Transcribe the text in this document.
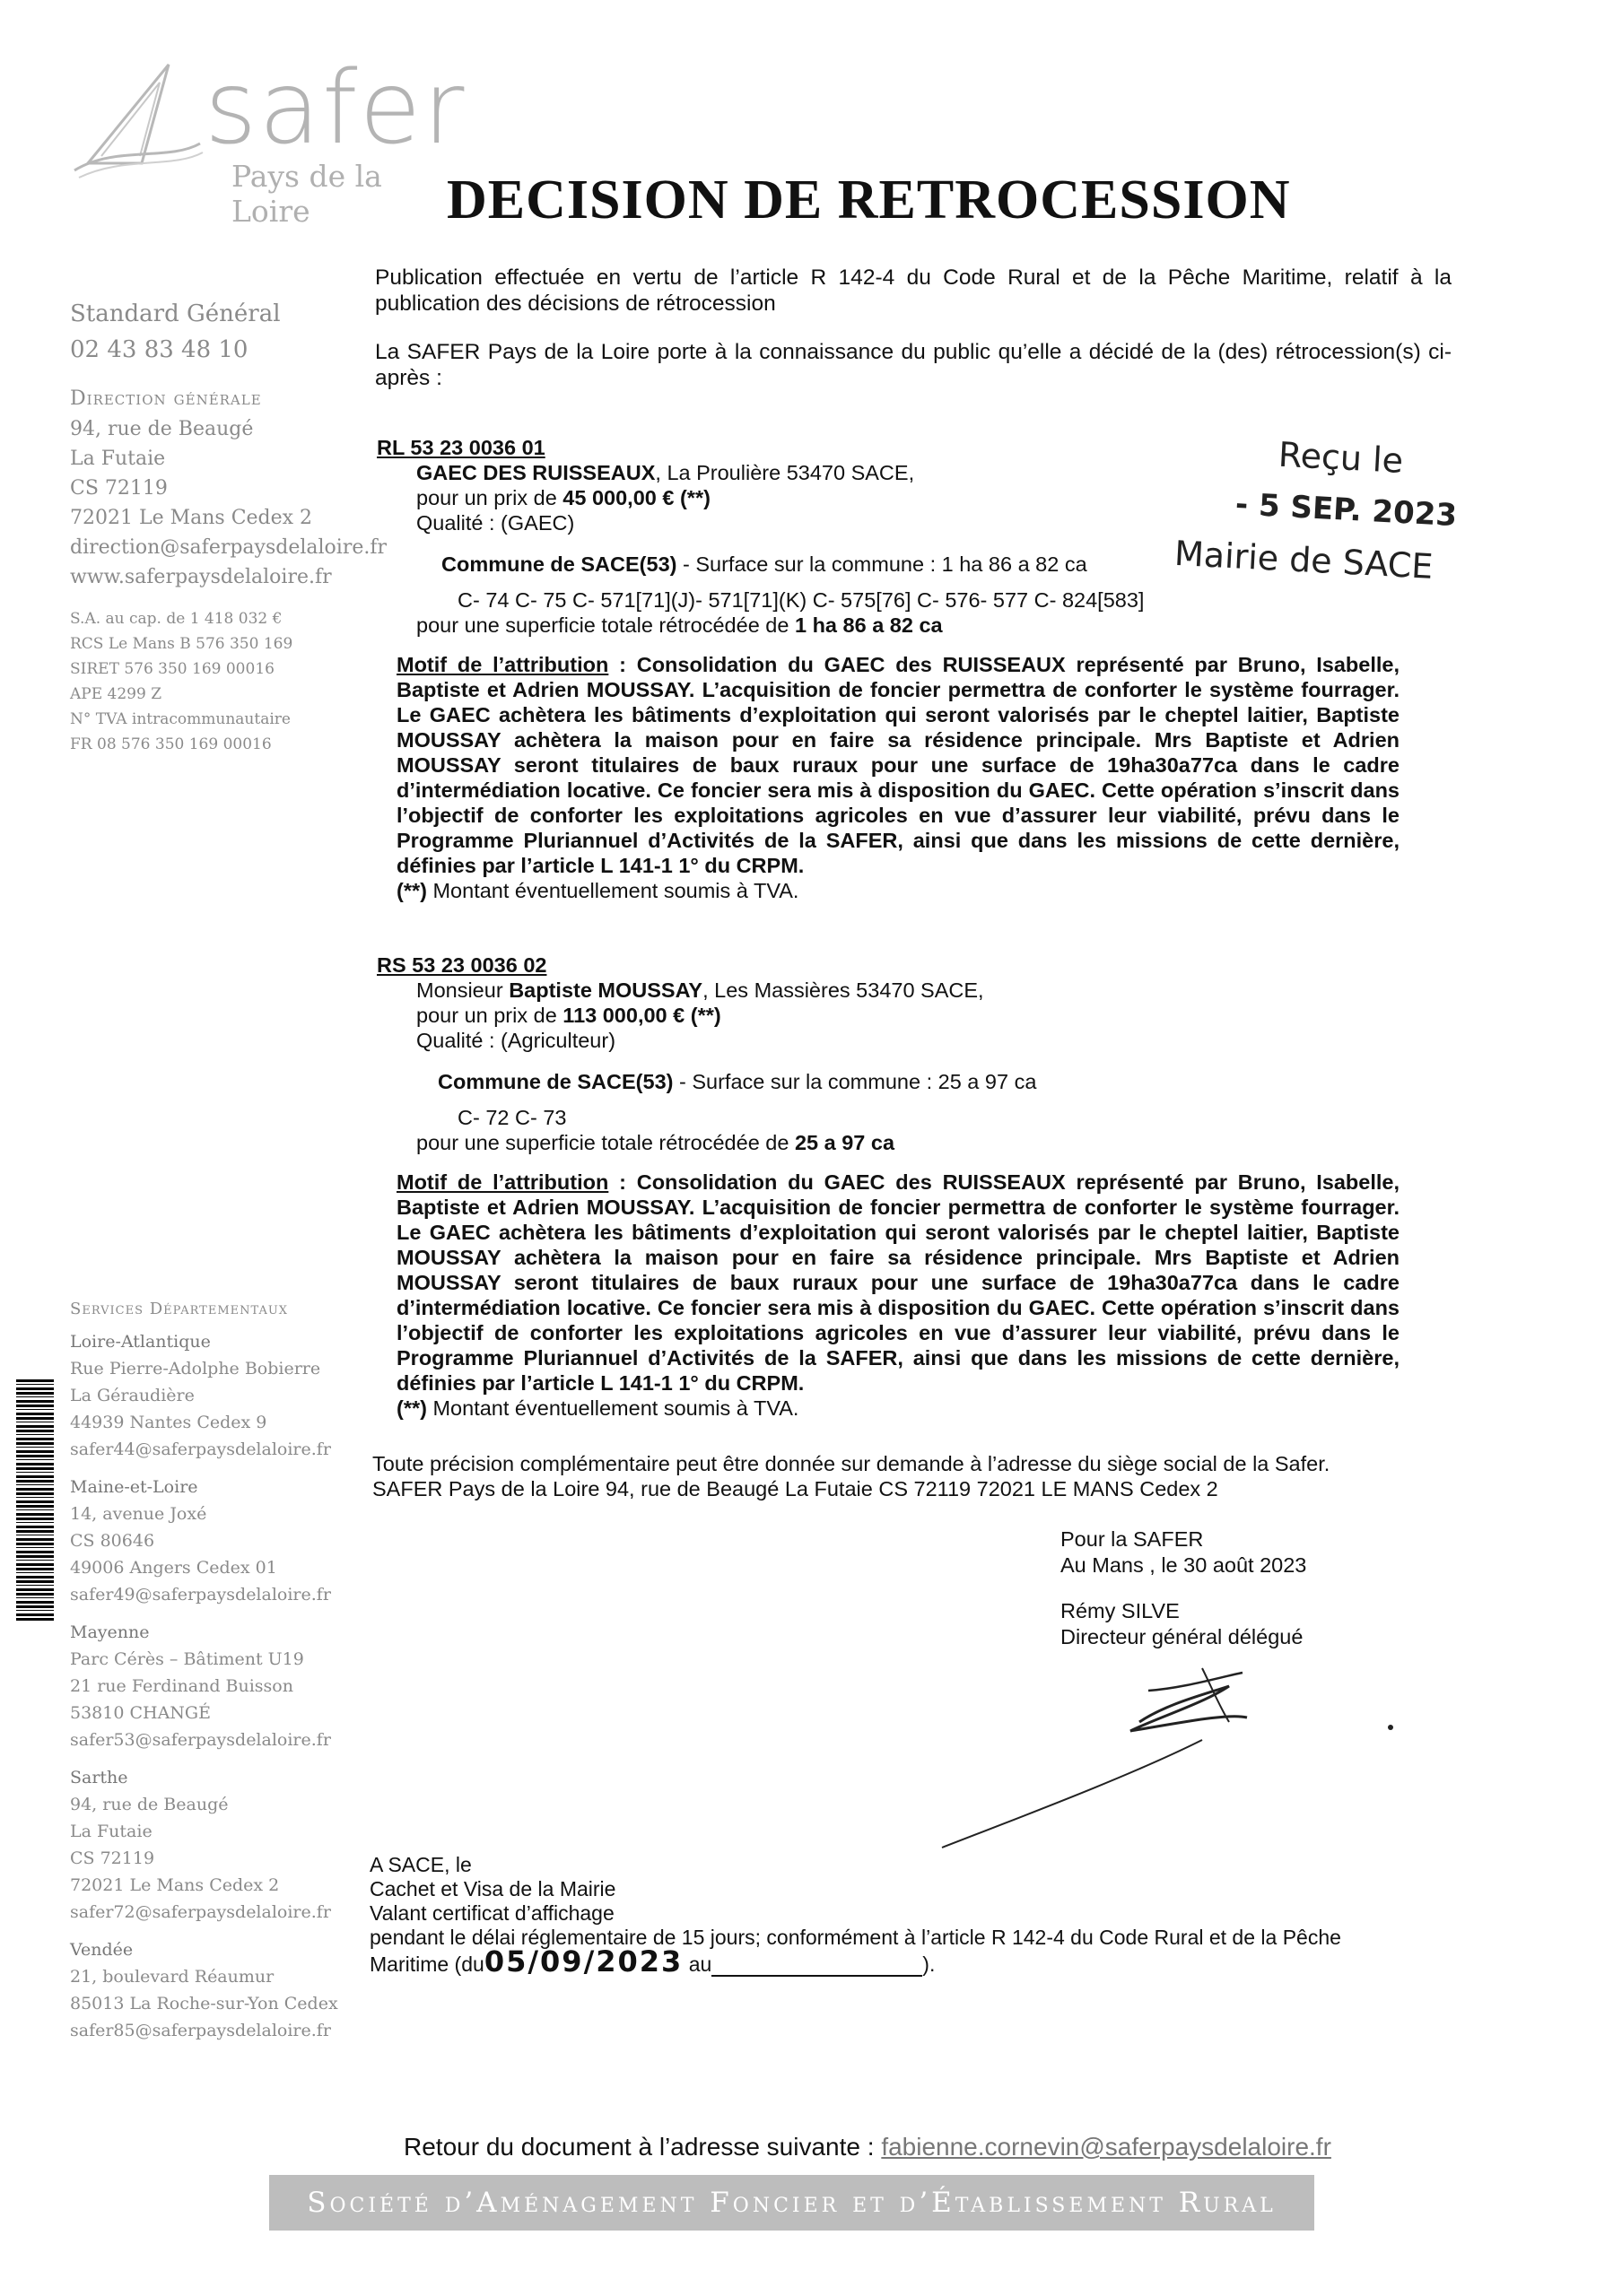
safer
Pays de la Loire	DECISION DE RETROCESSION
Standard Général
02 43 83 48 10
Direction générale
94, rue de Beaugé
La Futaie
CS 72119
72021 Le Mans Cedex 2
direction@saferpaysdelaloire.fr
www.saferpaysdelaloire.fr
S.A. au cap. de 1 418 032 €
RCS Le Mans B 576 350 169
SIRET 576 350 169 00016
APE 4299 Z
N° TVA intracommunautaire
FR 08 576 350 169 00016
Services Départementaux
Loire-Atlantique
Rue Pierre-Adolphe Bobierre
La Géraudière
44939 Nantes Cedex 9
safer44@saferpaysdelaloire.fr
Maine-et-Loire
14, avenue Joxé
CS 80646
49006 Angers Cedex 01
safer49@saferpaysdelaloire.fr
Mayenne
Parc Cérès – Bâtiment U19
21 rue Ferdinand Buisson
53810 CHANGÉ
safer53@saferpaysdelaloire.fr
Sarthe
94, rue de Beaugé
La Futaie
CS 72119
72021 Le Mans Cedex 2
safer72@saferpaysdelaloire.fr
Vendée
21, boulevard Réaumur
85013 La Roche-sur-Yon Cedex
safer85@saferpaysdelaloire.fr
Reçu le
- 5 SEP. 2023
Mairie de SACE

Publication effectuée en vertu de l’article R 142-4 du Code Rural et de la Pêche Maritime, relatif à la publication des décisions de rétrocession

La SAFER Pays de la Loire porte à la connaissance du public qu’elle a décidé de la (des) rétrocession(s) ci-après :

RL 53 23 0036 01
GAEC DES RUISSEAUX, La Proulière 53470 SACE,
pour un prix de 45 000,00 € (**)
Qualité : (GAEC)
Commune de SACE(53) - Surface sur la commune : 1 ha 86 a 82 ca
C- 74 C- 75 C- 571[71](J)- 571[71](K) C- 575[76] C- 576- 577 C- 824[583]
pour une superficie totale rétrocédée de 1 ha 86 a 82 ca

Motif de l’attribution : Consolidation du GAEC des RUISSEAUX représenté par Bruno, Isabelle, Baptiste et Adrien MOUSSAY. L’acquisition de foncier permettra de conforter le système fourrager. Le GAEC achètera les bâtiments d’exploitation qui seront valorisés par le cheptel laitier, Baptiste MOUSSAY achètera la maison pour en faire sa résidence principale. Mrs Baptiste et Adrien MOUSSAY seront titulaires de baux ruraux pour une surface de 19ha30a77ca dans le cadre d’intermédiation locative. Ce foncier sera mis à disposition du GAEC. Cette opération s’inscrit dans l’objectif de conforter les exploitations agricoles en vue d’assurer leur viabilité, prévu dans le Programme Pluriannuel d’Activités de la SAFER, ainsi que dans les missions de cette dernière, définies par l’article L 141-1 1° du CRPM.

(**) Montant éventuellement soumis à TVA.
RS 53 23 0036 02
Monsieur Baptiste MOUSSAY, Les Massières 53470 SACE,
pour un prix de 113 000,00 € (**)
Qualité : (Agriculteur)
Commune de SACE(53) - Surface sur la commune : 25 a 97 ca
C- 72 C- 73
pour une superficie totale rétrocédée de 25 a 97 ca

Motif de l’attribution : Consolidation du GAEC des RUISSEAUX représenté par Bruno, Isabelle, Baptiste et Adrien MOUSSAY. L’acquisition de foncier permettra de conforter le système fourrager. Le GAEC achètera les bâtiments d’exploitation qui seront valorisés par le cheptel laitier, Baptiste MOUSSAY achètera la maison pour en faire sa résidence principale. Mrs Baptiste et Adrien MOUSSAY seront titulaires de baux ruraux pour une surface de 19ha30a77ca dans le cadre d’intermédiation locative. Ce foncier sera mis à disposition du GAEC. Cette opération s’inscrit dans l’objectif de conforter les exploitations agricoles en vue d’assurer leur viabilité, prévu dans le Programme Pluriannuel d’Activités de la SAFER, ainsi que dans les missions de cette dernière, définies par l’article L 141-1 1° du CRPM.

(**) Montant éventuellement soumis à TVA.
Toute précision complémentaire peut être donnée sur demande à l’adresse du siège social de la Safer.
SAFER Pays de la Loire 94, rue de Beaugé La Futaie CS 72119 72021 LE MANS Cedex 2
Pour la SAFER
Au Mans , le 30 août 2023
Rémy SILVE
Directeur général délégué
A SACE, le
Cachet et Visa de la Mairie
Valant certificat d’affichage
pendant le délai réglementaire de 15 jours; conformément à l’article R 142-4 du Code Rural et de la Pêche
Maritime (du05/09/2023 au	).
Retour du document à l’adresse suivante : fabienne.cornevin@saferpaysdelaloire.fr
Société d’Aménagement Foncier et d’Établissement Rural
